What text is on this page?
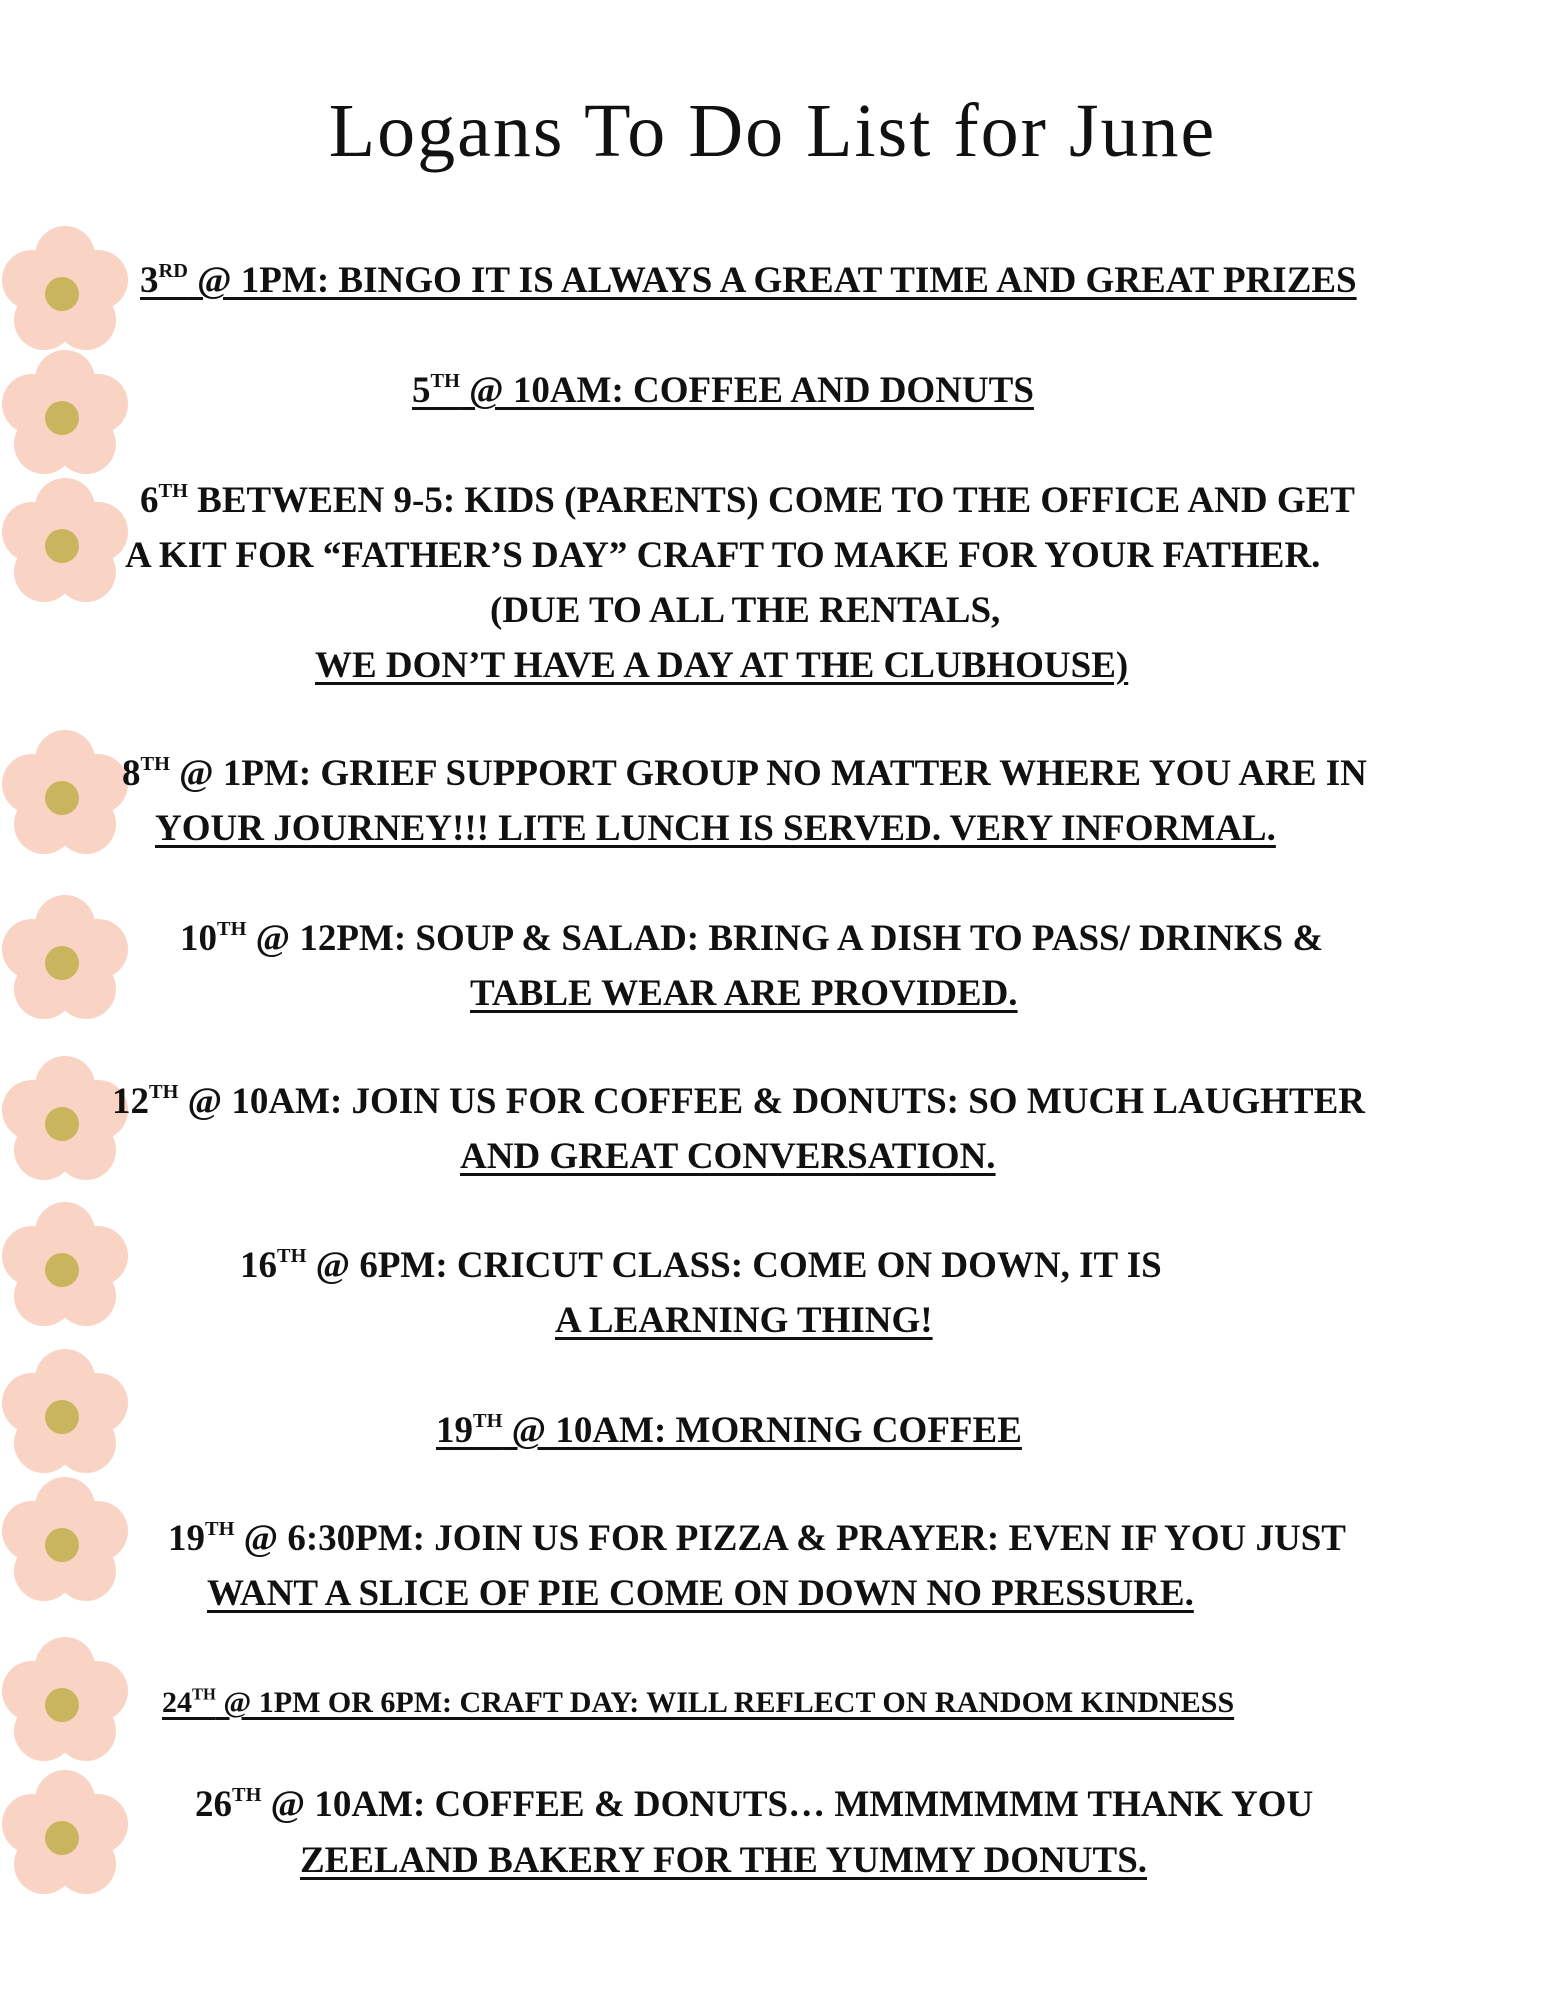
Logans To Do List for June
3RD @ 1PM: BINGO IT IS ALWAYS A GREAT TIME AND GREAT PRIZES
5TH @ 10AM: COFFEE AND DONUTS
6TH BETWEEN 9-5: KIDS (PARENTS) COME TO THE OFFICE AND GET
A KIT FOR “FATHER’S DAY” CRAFT TO MAKE FOR YOUR FATHER.
(DUE TO ALL THE RENTALS,
WE DON’T HAVE A DAY AT THE CLUBHOUSE)
8TH @ 1PM: GRIEF SUPPORT GROUP NO MATTER WHERE YOU ARE IN
YOUR JOURNEY!!! LITE LUNCH IS SERVED. VERY INFORMAL.
10TH @ 12PM: SOUP & SALAD: BRING A DISH TO PASS/ DRINKS &
TABLE WEAR ARE PROVIDED.
12TH @ 10AM: JOIN US FOR COFFEE & DONUTS: SO MUCH LAUGHTER
AND GREAT CONVERSATION.
16TH @ 6PM: CRICUT CLASS: COME ON DOWN, IT IS
A LEARNING THING!
19TH @ 10AM: MORNING COFFEE
19TH @ 6:30PM: JOIN US FOR PIZZA & PRAYER: EVEN IF YOU JUST
WANT A SLICE OF PIE COME ON DOWN NO PRESSURE.
24TH @ 1PM OR 6PM: CRAFT DAY: WILL REFLECT ON RANDOM KINDNESS
26TH @ 10AM: COFFEE & DONUTS… MMMMMMM THANK YOU
ZEELAND BAKERY FOR THE YUMMY DONUTS.
